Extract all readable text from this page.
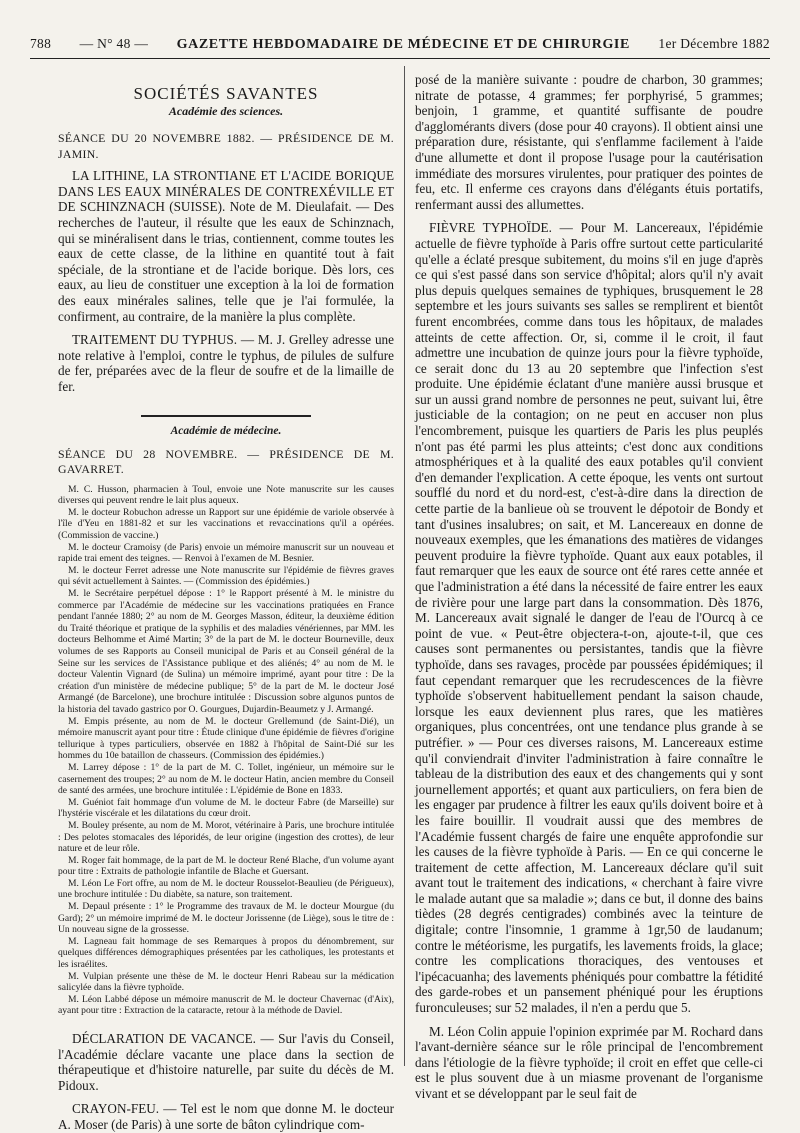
788 — N° 48 — GAZETTE HEBDOMADAIRE DE MÉDECINE ET DE CHIRURGIE 1er Décembre 1882

SOCIÉTÉS SAVANTES

Académie des sciences.

SÉANCE DU 20 NOVEMBRE 1882. — PRÉSIDENCE DE M. JAMIN.

LA LITHINE, LA STRONTIANE ET L'ACIDE BORIQUE DANS LES EAUX MINÉRALES DE CONTREXÉVILLE ET DE SCHINZNACH (SUISSE). Note de M. Dieulafait. — Des recherches de l'auteur, il résulte que les eaux de Schinznach, qui se minéralisent dans le trias, contiennent, comme toutes les eaux de cette classe, de la lithine en quantité tout à fait spéciale, de la strontiane et de l'acide borique. Dès lors, ces eaux, au lieu de constituer une exception à la loi de formation des eaux minérales salines, telle que je l'ai formulée, la confirment, au contraire, de la manière la plus complète.

TRAITEMENT DU TYPHUS. — M. J. Grelley adresse une note relative à l'emploi, contre le typhus, de pilules de sulfure de fer, préparées avec de la fleur de soufre et de la limaille de fer.

Académie de médecine.

SÉANCE DU 28 NOVEMBRE. — PRÉSIDENCE DE M. GAVARRET.

M. C. Husson, pharmacien à Toul, envoie une Note manuscrite sur les causes diverses qui peuvent rendre le lait plus aqueux.

M. le docteur Robuchon adresse un Rapport sur une épidémie de variole observée à l'île d'Yeu en 1881-82 et sur les vaccinations et revaccinations qu'il a opérées. (Commission de vaccine.)

M. le docteur Cramoisy (de Paris) envoie un mémoire manuscrit sur un nouveau et rapide trai ement des teignes. — Renvoi à l'examen de M. Besnier.

M. le docteur Ferret adresse une Note manuscrite sur l'épidémie de fièvres graves qui sévit actuellement à Saintes. — (Commission des épidémies.)

M. le Secrétaire perpétuel dépose : 1° le Rapport présenté à M. le ministre du commerce par l'Académie de médecine sur les vaccinations pratiquées en France pendant l'année 1880; 2° au nom de M. Georges Masson, éditeur, la deuxième édition du Traité théorique et pratique de la syphilis et des maladies vénériennes, par MM. les docteurs Belhomme et Aimé Martin; 3° de la part de M. le docteur Bourneville, deux volumes de ses Rapports au Conseil municipal de Paris et au Conseil général de la Seine sur les services de l'Assistance publique et des aliénés; 4° au nom de M. le docteur Valentin Vignard (de Sulina) un mémoire imprimé, ayant pour titre : De la création d'un ministère de médecine publique; 5° de la part de M. le docteur José Armangé (de Barcelone), une brochure intitulée : Discussion sobre algunos puntos de la historia del tavado gastrico por O. Gourgues, Dujardin-Beaumetz y J. Armangé.

M. Empis présente, au nom de M. le docteur Grellemund (de Saint-Dié), un mémoire manuscrit ayant pour titre : Étude clinique d'une épidémie de fièvres d'origine tellurique à types particuliers, observée en 1882 à l'hôpital de Saint-Dié sur les hommes du 10e bataillon de chasseurs. (Commission des épidémies.)

M. Larrey dépose : 1° de la part de M. C. Tollet, ingénieur, un mémoire sur le casernement des troupes; 2° au nom de M. le docteur Hatin, ancien membre du Conseil de santé des armées, une brochure intitulée : L'épidémie de Bone en 1833.

M. Guéniot fait hommage d'un volume de M. le docteur Fabre (de Marseille) sur l'hystérie viscérale et les dilatations du cœur droit.

M. Bouley présente, au nom de M. Morot, vétérinaire à Paris, une brochure intitulée : Des pelotes stomacales des léporidés, de leur origine (ingestion des crottes), de leur nature et de leur rôle.

M. Roger fait hommage, de la part de M. le docteur René Blache, d'un volume ayant pour titre : Extraits de pathologie infantile de Blache et Guersant.

M. Léon Le Fort offre, au nom de M. le docteur Rousselot-Beaulieu (de Périgueux), une brochure intitulée : Du diabète, sa nature, son traitement.

M. Depaul présente : 1° le Programme des travaux de M. le docteur Mourgue (du Gard); 2° un mémoire imprimé de M. le docteur Jorissenne (de Liège), sous le titre de : Un nouveau signe de la grossesse.

M. Lagneau fait hommage de ses Remarques à propos du dénombrement, sur quelques différences démographiques présentées par les catholiques, les protestants et les israélites.

M. Vulpian présente une thèse de M. le docteur Henri Rabeau sur la médication salicylée dans la fièvre typhoïde.

M. Léon Labbé dépose un mémoire manuscrit de M. le docteur Chavernac (d'Aix), ayant pour titre : Extraction de la cataracte, retour à la méthode de Daviel.

DÉCLARATION DE VACANCE. — Sur l'avis du Conseil, l'Académie déclare vacante une place dans la section de thérapeutique et d'histoire naturelle, par suite du décès de M. Pidoux.

CRAYON-FEU. — Tel est le nom que donne M. le docteur A. Moser (de Paris) à une sorte de bâton cylindrique com-

posé de la manière suivante : poudre de charbon, 30 grammes; nitrate de potasse, 4 grammes; fer porphyrisé, 5 grammes; benjoin, 1 gramme, et quantité suffisante de poudre d'agglomérants divers (dose pour 40 crayons). Il obtient ainsi une préparation dure, résistante, qui s'enflamme facilement à l'aide d'une allumette et dont il propose l'usage pour la cautérisation immédiate des morsures virulentes, pour pratiquer des pointes de feu, etc. Il enferme ces crayons dans d'élégants étuis portatifs, renfermant aussi des allumettes.

FIÈVRE TYPHOÏDE. — Pour M. Lancereaux, l'épidémie actuelle de fièvre typhoïde à Paris offre surtout cette particularité qu'elle a éclaté presque subitement, du moins s'il en juge d'après ce qui s'est passé dans son service d'hôpital; alors qu'il n'y avait plus depuis quelques semaines de typhiques, brusquement le 28 septembre et les jours suivants ses salles se remplirent et bientôt furent encombrées, comme dans tous les hôpitaux, de malades atteints de cette affection. Or, si, comme il le croit, il faut admettre une incubation de quinze jours pour la fièvre typhoïde, ce serait donc du 13 au 20 septembre que l'infection s'est produite. Une épidémie éclatant d'une manière aussi brusque et sur un aussi grand nombre de personnes ne peut, suivant lui, être justiciable de la contagion; on ne peut en accuser non plus l'encombrement, puisque les quartiers de Paris les plus peuplés n'ont pas été parmi les plus atteints; c'est donc aux conditions atmosphériques et à la qualité des eaux potables qu'il convient d'en demander l'explication. A cette époque, les vents ont surtout soufflé du nord et du nord-est, c'est-à-dire dans la direction de cette partie de la banlieue où se trouvent le dépotoir de Bondy et tant d'usines insalubres; on sait, et M. Lancereaux en donne de nouveaux exemples, que les émanations des matières de vidanges peuvent produire la fièvre typhoïde. Quant aux eaux potables, il faut remarquer que les eaux de source ont été rares cette année et que l'administration a été dans la nécessité de faire entrer les eaux de rivière pour une large part dans la consommation. Dès 1876, M. Lancereaux avait signalé le danger de l'eau de l'Ourcq à ce point de vue. « Peut-être objectera-t-on, ajoute-t-il, que ces causes sont permanentes ou persistantes, tandis que la fièvre typhoïde, dans ses ravages, procède par poussées épidémiques; il faut cependant remarquer que les recrudescences de la fièvre typhoïde s'observent habituellement pendant la saison chaude, lorsque les eaux deviennent plus rares, que les matières organiques, plus concentrées, ont une tendance plus grande à se putréfier. » — Pour ces diverses raisons, M. Lancereaux estime qu'il conviendrait d'inviter l'administration à faire connaître le tableau de la distribution des eaux et des changements qui y sont journellement apportés; et quant aux particuliers, on fera bien de les engager par prudence à filtrer les eaux qu'ils doivent boire et à les faire bouillir. Il voudrait aussi que des membres de l'Académie fussent chargés de faire une enquête approfondie sur les causes de la fièvre typhoïde à Paris. — En ce qui concerne le traitement de cette affection, M. Lancereaux déclare qu'il suit avant tout le traitement des indications, « cherchant à faire vivre le malade autant que sa maladie »; dans ce but, il donne des bains tièdes (28 degrés centigrades) combinés avec la teinture de digitale; contre l'insomnie, 1 gramme à 1gr,50 de laudanum; contre le météorisme, les purgatifs, les lavements froids, la glace; contre les complications thoraciques, des ventouses et l'ipécacuanha; des lavements phéniqués pour combattre la fétidité des garde-robes et un pansement phéniqué pour les éruptions furonculeuses; sur 52 malades, il n'en a perdu que 5.

M. Léon Colin appuie l'opinion exprimée par M. Rochard dans l'avant-dernière séance sur le rôle principal de l'encombrement dans l'étiologie de la fièvre typhoïde; il croit en effet que celle-ci est le plus souvent due à un miasme provenant de l'organisme vivant et se développant par le seul fait de
